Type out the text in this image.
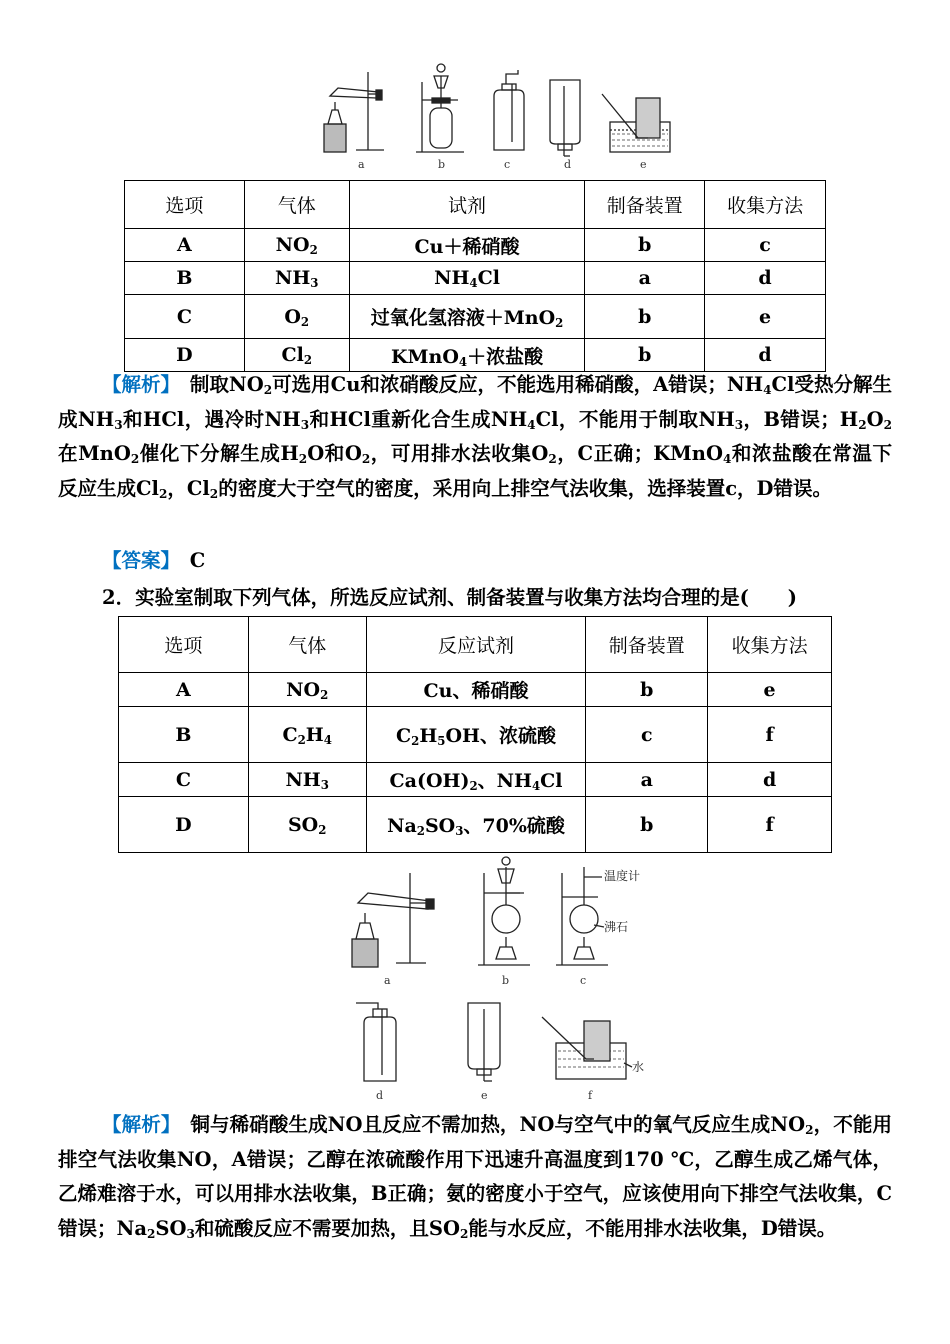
a	b	c	d	e
选项	气体	试剂	制备装置	收集方法
A	$NO_2$	Cu＋稀硝酸	b	c
B	$NH_3$	$NH_4Cl$	a	d
C	$O_2$	过氧化氢溶液＋MnO$_2$	b	e
D	$Cl_2$	KMnO$_4$＋浓盐酸	b	d
【解析】　 制取$NO_2$可选用Cu和浓硝酸反应，不能选用稀硝酸，A错误；$NH_4Cl$受热分解生成$NH_3$和HCl，遇冷时$NH_3$和HCl重新化合生成$NH_4Cl$，不能用于制取$NH_3$，B错误；$H_2O_2$在MnO$_2$催化下分解生成$H_2O$和$O_2$，可用排水法收集$O_2$，C正确；KMnO$_4$和浓盐酸在常温下反应生成$Cl_2$，$Cl_2$的密度大于空气的密度，采用向上排空气法收集，选择装置c，D错误。
【答案】　 C
2．实验室制取下列气体，所选反应试剂、制备装置与收集方法均合理的是(　　)
选项	气体	反应试剂	制备装置	收集方法
A	$NO_2$	Cu、稀硝酸	b	e
B	$C_2H_4$	$C_2H_5OH$、浓硫酸	c	f
C	$NH_3$	$Ca(OH)_2$、$NH_4Cl$	a	d
D	$SO_2$	$Na_2SO_3$、70%硫酸	b	f
温度计
沸石
水
a	b	c
d	e	f
【解析】　 铜与稀硝酸生成NO且反应不需加热，NO与空气中的氧气反应生成$NO_2$，不能用排空气法收集NO，A错误；乙醇在浓硫酸作用下迅速升高温度到170 ℃，乙醇生成乙烯气体，乙烯难溶于水，可以用排水法收集，B正确；氨的密度小于空气，应该使用向下排空气法收集，C错误；$Na_2SO_3$和硫酸反应不需要加热，且$SO_2$能与水反应，不能用排水法收集，D错误。
